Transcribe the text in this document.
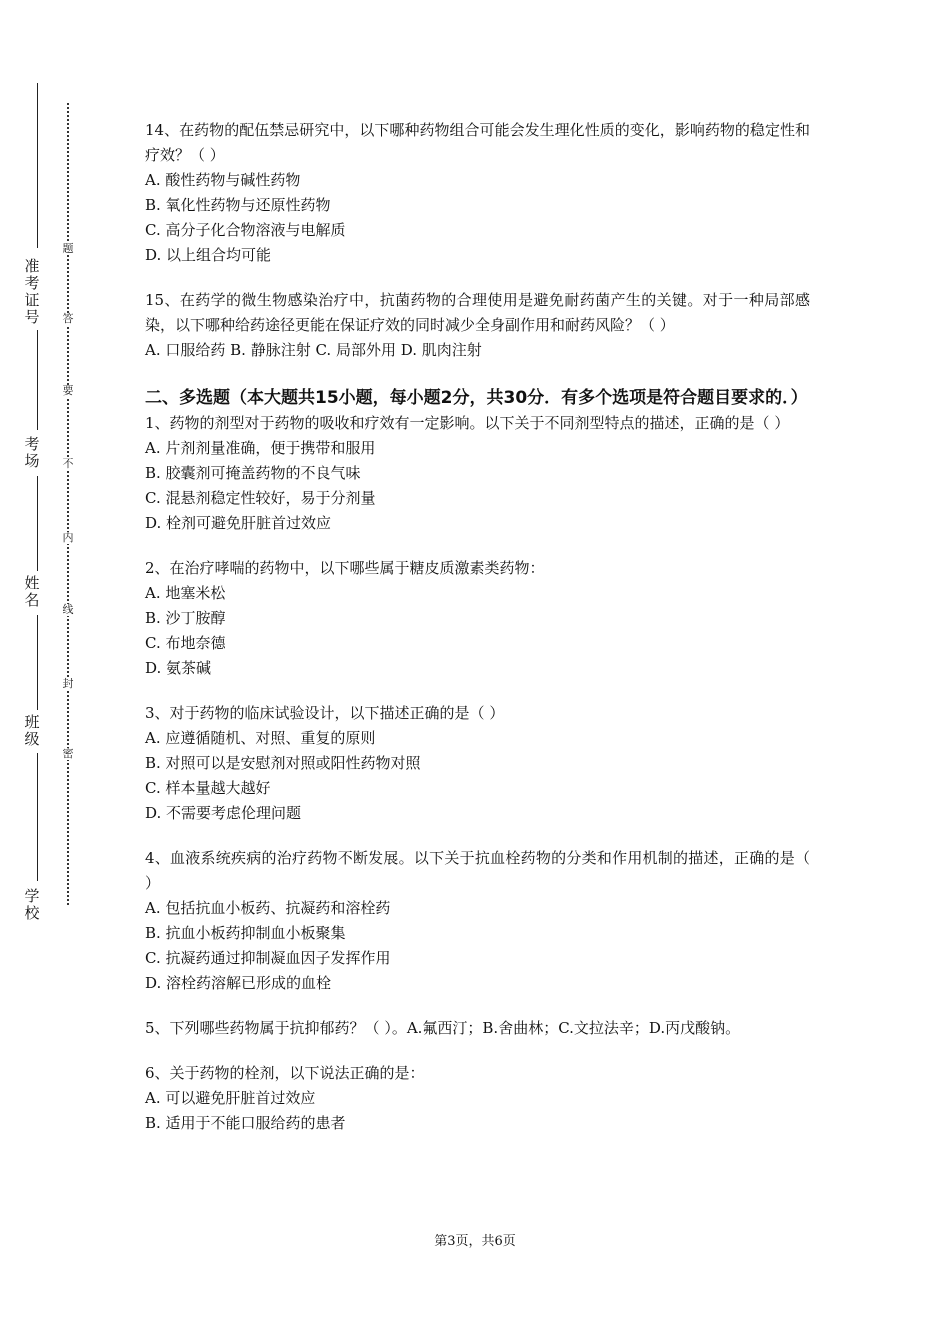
准考证号
考场
姓名
班级
学校
题
答
要
不
内
线
封
密

14、在药物的配伍禁忌研究中，以下哪种药物组合可能会发生理化性质的变化，影响药物的稳定性和疗效？（ ）

A. 酸性药物与碱性药物

B. 氧化性药物与还原性药物

C. 高分子化合物溶液与电解质

D. 以上组合均可能

15、在药学的微生物感染治疗中，抗菌药物的合理使用是避免耐药菌产生的关键。对于一种局部感染，以下哪种给药途径更能在保证疗效的同时减少全身副作用和耐药风险？（ ）

A. 口服给药 B. 静脉注射 C. 局部外用 D. 肌肉注射

二、多选题（本大题共15小题，每小题2分，共30分．有多个选项是符合题目要求的．）

1、药物的剂型对于药物的吸收和疗效有一定影响。以下关于不同剂型特点的描述，正确的是（ ）

A. 片剂剂量准确，便于携带和服用

B. 胶囊剂可掩盖药物的不良气味

C. 混悬剂稳定性较好，易于分剂量

D. 栓剂可避免肝脏首过效应

2、在治疗哮喘的药物中，以下哪些属于糖皮质激素类药物：

A. 地塞米松

B. 沙丁胺醇

C. 布地奈德

D. 氨茶碱

3、对于药物的临床试验设计，以下描述正确的是（ ）

A. 应遵循随机、对照、重复的原则

B. 对照可以是安慰剂对照或阳性药物对照

C. 样本量越大越好

D. 不需要考虑伦理问题

4、血液系统疾病的治疗药物不断发展。以下关于抗血栓药物的分类和作用机制的描述，正确的是（ ）

A. 包括抗血小板药、抗凝药和溶栓药

B. 抗血小板药抑制血小板聚集

C. 抗凝药通过抑制凝血因子发挥作用

D. 溶栓药溶解已形成的血栓

5、下列哪些药物属于抗抑郁药？（ ）。A.氟西汀；B.舍曲林；C.文拉法辛；D.丙戊酸钠。

6、关于药物的栓剂，以下说法正确的是：

A. 可以避免肝脏首过效应

B. 适用于不能口服给药的患者

第3页，共6页
